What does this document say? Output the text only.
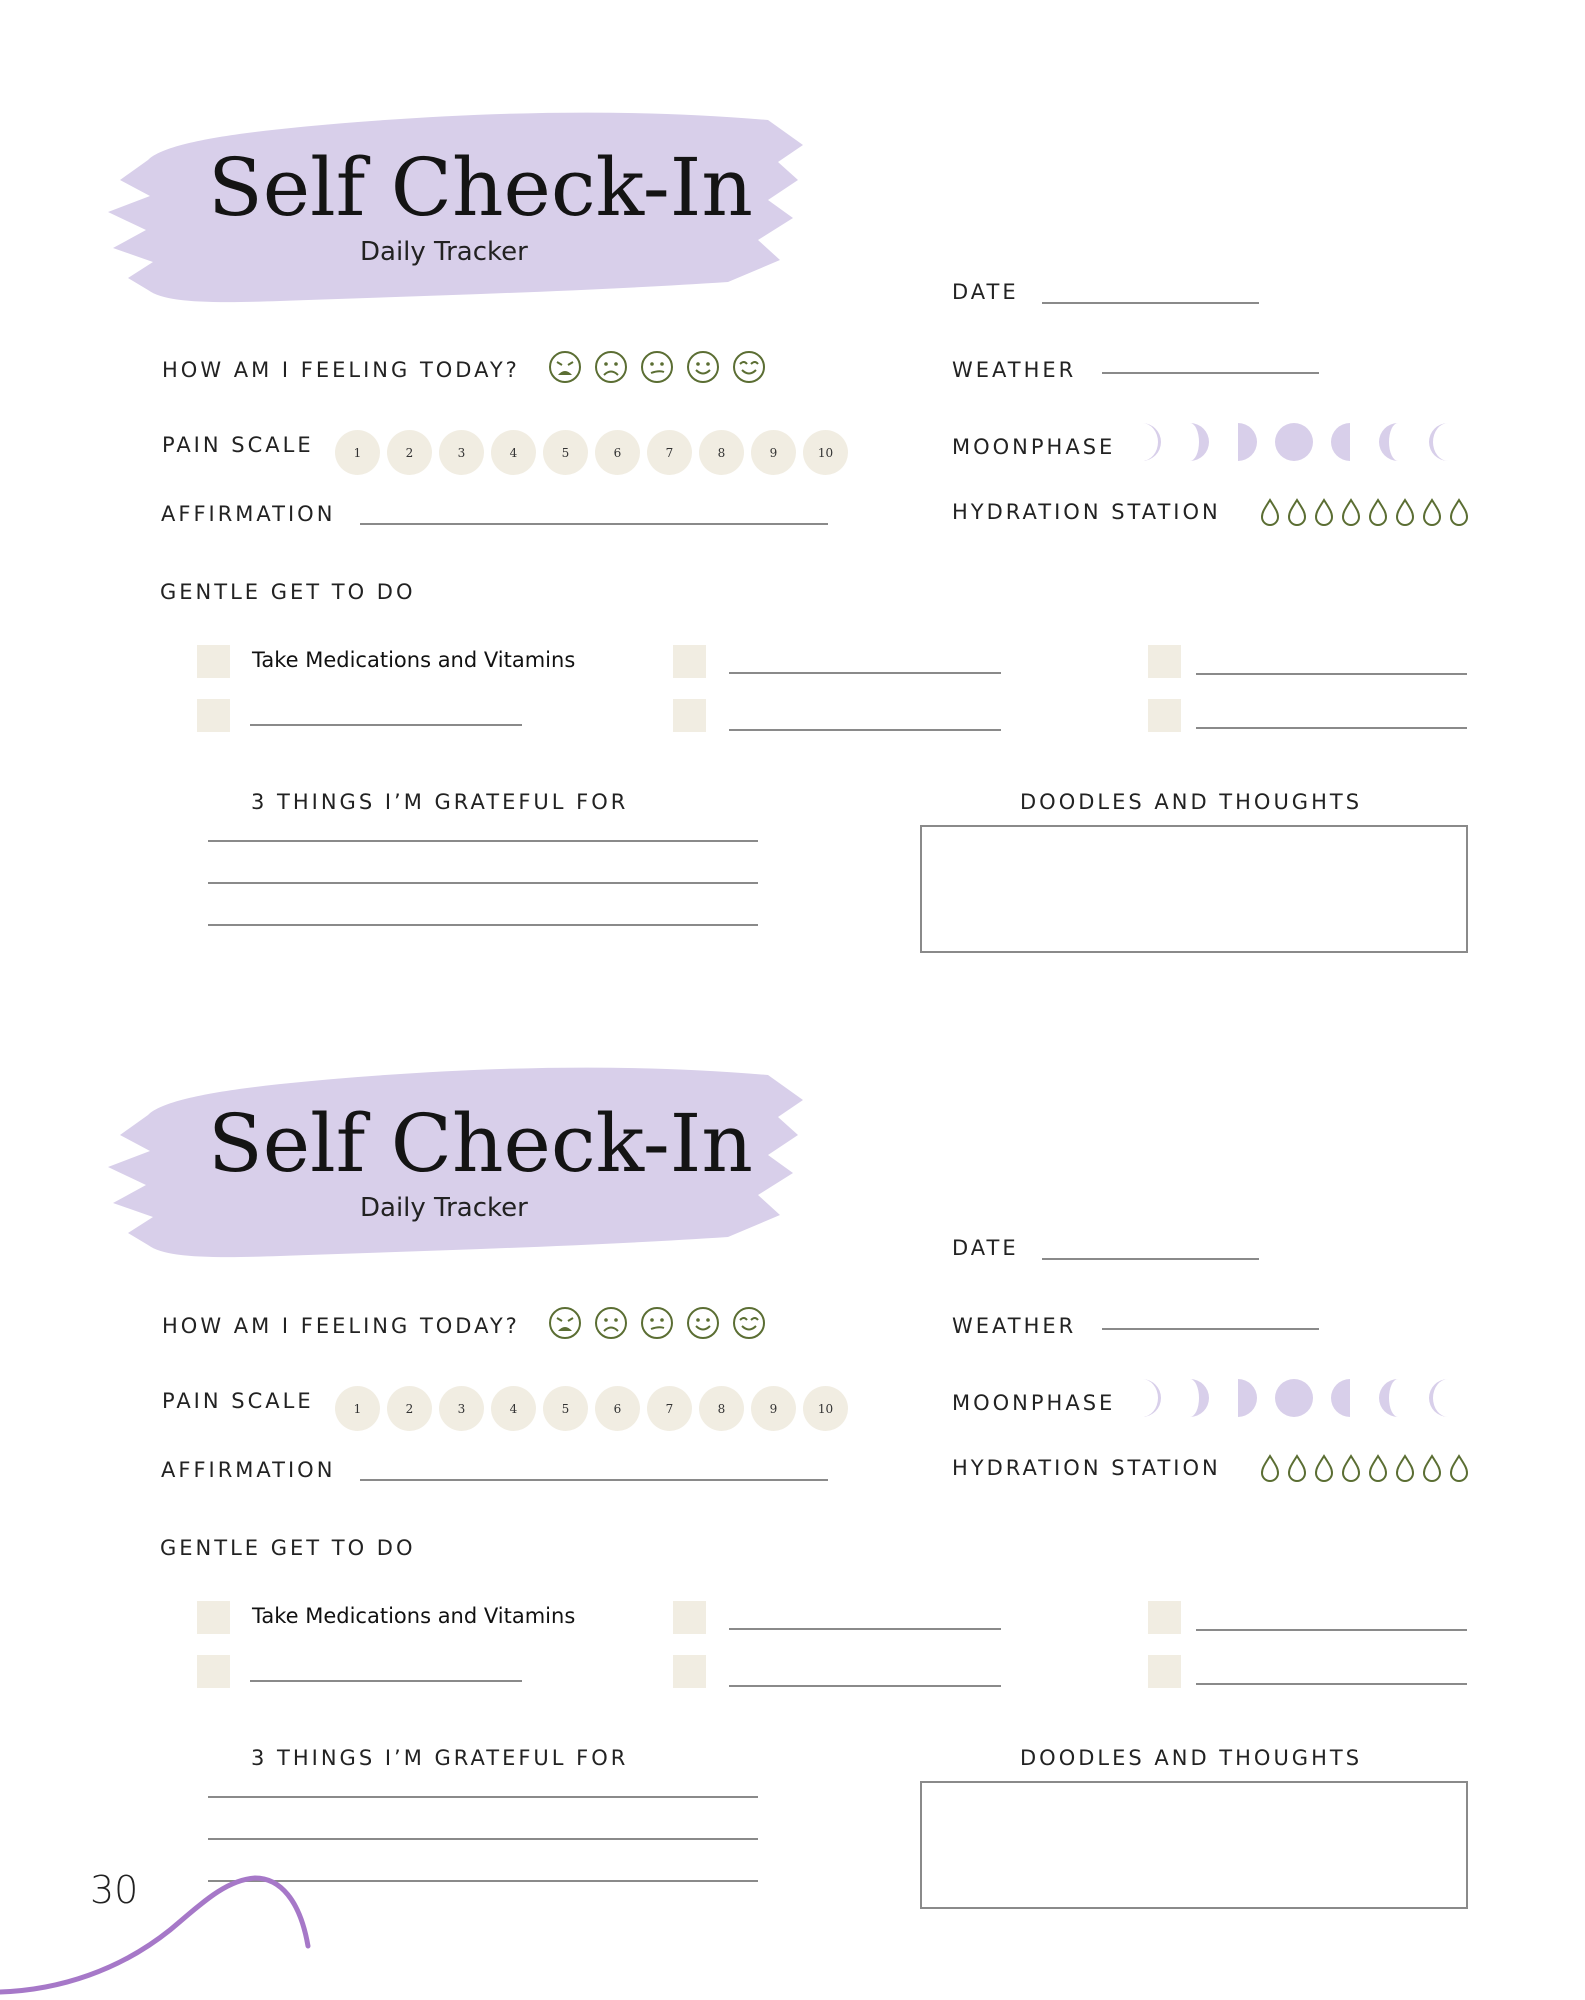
Self Check-In
Daily Tracker
DATE
HOW AM I FEELING TODAY?	WEATHER
PAIN SCALE	1	2	3	4	5	6	7	8	9	10	MOONPHASE
AFFIRMATION	HYDRATION STATION
GENTLE GET TO DO
Take Medications and Vitamins
3 THINGS I’M GRATEFUL FOR	DOODLES AND THOUGHTS
Self Check-In
Daily Tracker
DATE
HOW AM I FEELING TODAY?	WEATHER
PAIN SCALE	1	2	3	4	5	6	7	8	9	10	MOONPHASE
AFFIRMATION	HYDRATION STATION
GENTLE GET TO DO
Take Medications and Vitamins
3 THINGS I’M GRATEFUL FOR	DOODLES AND THOUGHTS
30
